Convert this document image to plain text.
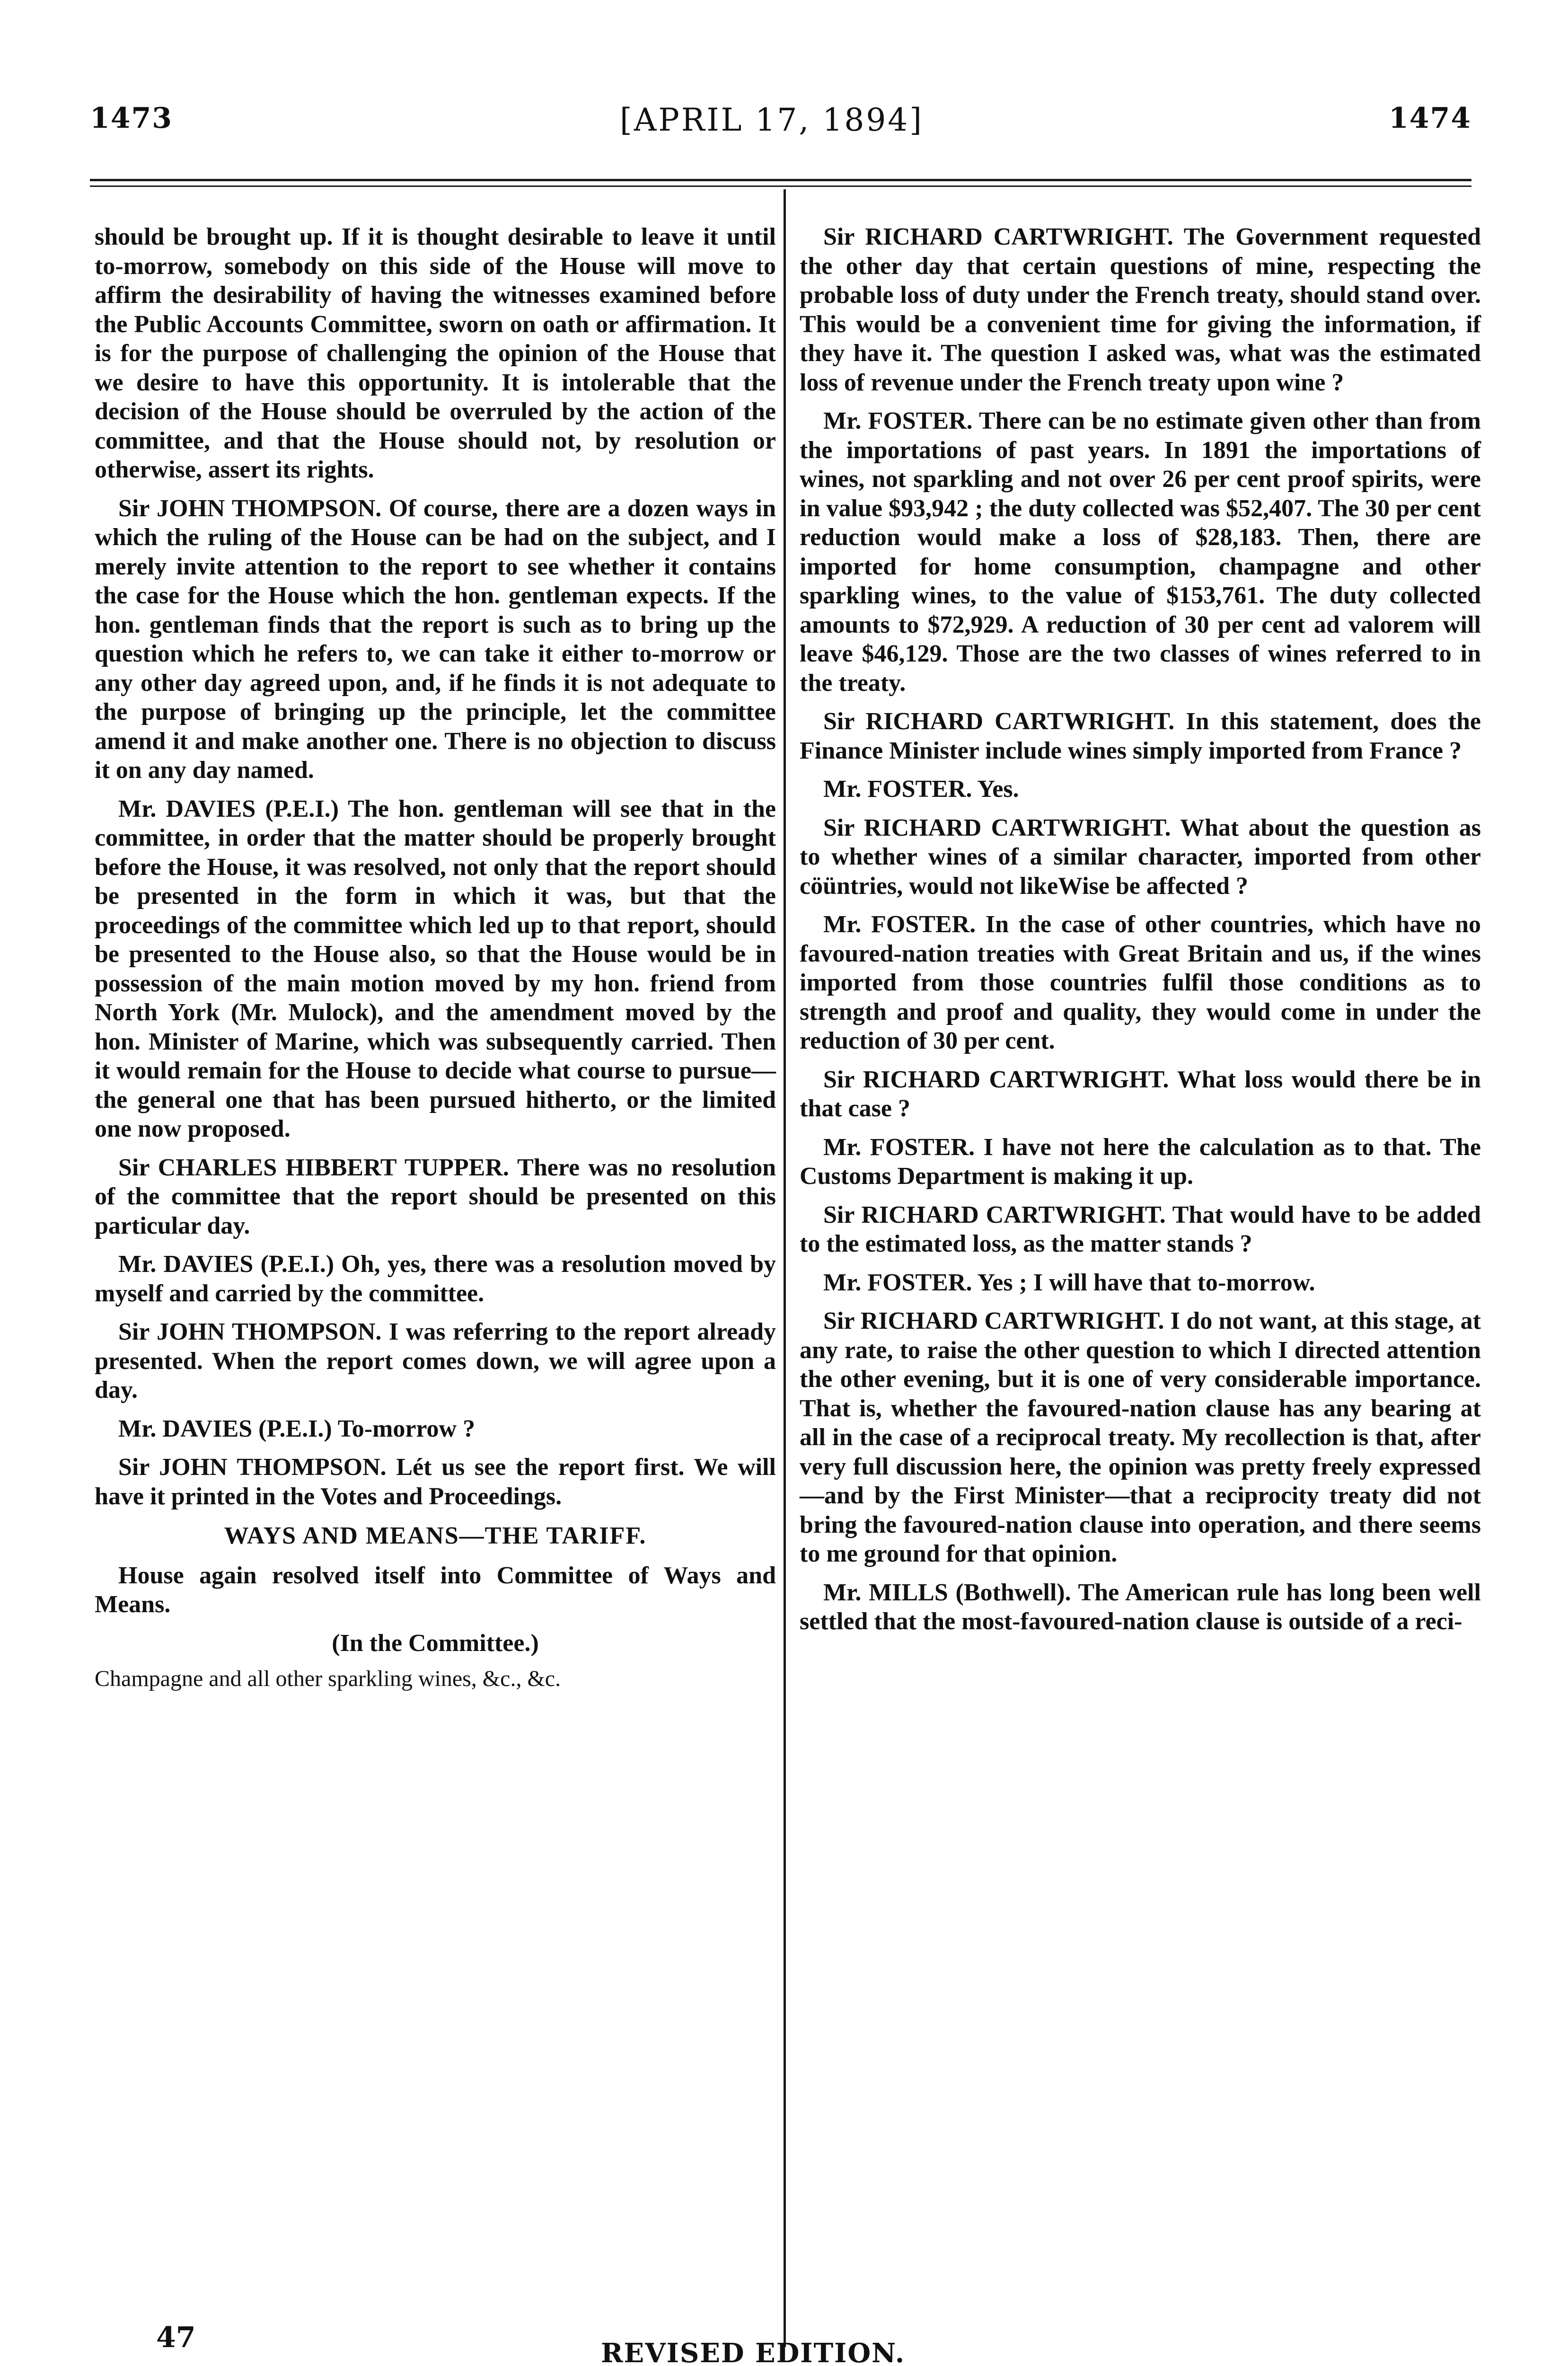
1473	[APRIL 17, 1894]	1474

should be brought up. If it is thought desirable to leave it until to-morrow, somebody on this side of the House will move to affirm the desirability of having the witnesses examined before the Public Accounts Committee, sworn on oath or affirmation. It is for the purpose of challenging the opinion of the House that we desire to have this opportunity. It is intolerable that the decision of the House should be overruled by the action of the committee, and that the House should not, by resolution or otherwise, assert its rights.

Sir JOHN THOMPSON. Of course, there are a dozen ways in which the ruling of the House can be had on the subject, and I merely invite attention to the report to see whether it contains the case for the House which the hon. gentleman expects. If the hon. gentleman finds that the report is such as to bring up the question which he refers to, we can take it either to-morrow or any other day agreed upon, and, if he finds it is not adequate to the purpose of bringing up the principle, let the committee amend it and make another one. There is no objection to discuss it on any day named.

Mr. DAVIES (P.E.I.) The hon. gentleman will see that in the committee, in order that the matter should be properly brought before the House, it was resolved, not only that the report should be presented in the form in which it was, but that the proceedings of the committee which led up to that report, should be presented to the House also, so that the House would be in possession of the main motion moved by my hon. friend from North York (Mr. Mulock), and the amendment moved by the hon. Minister of Marine, which was subsequently carried. Then it would remain for the House to decide what course to pursue—the general one that has been pursued hitherto, or the limited one now proposed.

Sir CHARLES HIBBERT TUPPER. There was no resolution of the committee that the report should be presented on this particular day.

Mr. DAVIES (P.E.I.) Oh, yes, there was a resolution moved by myself and carried by the committee.

Sir JOHN THOMPSON. I was referring to the report already presented. When the report comes down, we will agree upon a day.

Mr. DAVIES (P.E.I.) To-morrow ?

Sir JOHN THOMPSON. Lét us see the report first. We will have it printed in the Votes and Proceedings.

WAYS AND MEANS—THE TARIFF.

House again resolved itself into Committee of Ways and Means.

(In the Committee.)

Champagne and all other sparkling wines, &c., &c.

Sir RICHARD CARTWRIGHT. The Government requested the other day that certain questions of mine, respecting the probable loss of duty under the French treaty, should stand over. This would be a convenient time for giving the information, if they have it. The question I asked was, what was the estimated loss of revenue under the French treaty upon wine ?

Mr. FOSTER. There can be no estimate given other than from the importations of past years. In 1891 the importations of wines, not sparkling and not over 26 per cent proof spirits, were in value $93,942 ; the duty collected was $52,407. The 30 per cent reduction would make a loss of $28,183. Then, there are imported for home consumption, champagne and other sparkling wines, to the value of $153,761. The duty collected amounts to $72,929. A reduction of 30 per cent ad valorem will leave $46,129. Those are the two classes of wines referred to in the treaty.

Sir RICHARD CARTWRIGHT. In this statement, does the Finance Minister include wines simply imported from France ?

Mr. FOSTER. Yes.

Sir RICHARD CARTWRIGHT. What about the question as to whether wines of a similar character, imported from other cöüntries, would not likeWise be affected ?

Mr. FOSTER. In the case of other countries, which have no favoured-nation treaties with Great Britain and us, if the wines imported from those countries fulfil those conditions as to strength and proof and quality, they would come in under the reduction of 30 per cent.

Sir RICHARD CARTWRIGHT. What loss would there be in that case ?

Mr. FOSTER. I have not here the calculation as to that. The Customs Department is making it up.

Sir RICHARD CARTWRIGHT. That would have to be added to the estimated loss, as the matter stands ?

Mr. FOSTER. Yes ; I will have that to-morrow.

Sir RICHARD CARTWRIGHT. I do not want, at this stage, at any rate, to raise the other question to which I directed attention the other evening, but it is one of very considerable importance. That is, whether the favoured-nation clause has any bearing at all in the case of a reciprocal treaty. My recollection is that, after very full discussion here, the opinion was pretty freely expressed—and by the First Minister—that a reciprocity treaty did not bring the favoured-nation clause into operation, and there seems to me ground for that opinion.

Mr. MILLS (Bothwell). The American rule has long been well settled that the most-favoured-nation clause is outside of a reci-

47	REVISED EDITION.
